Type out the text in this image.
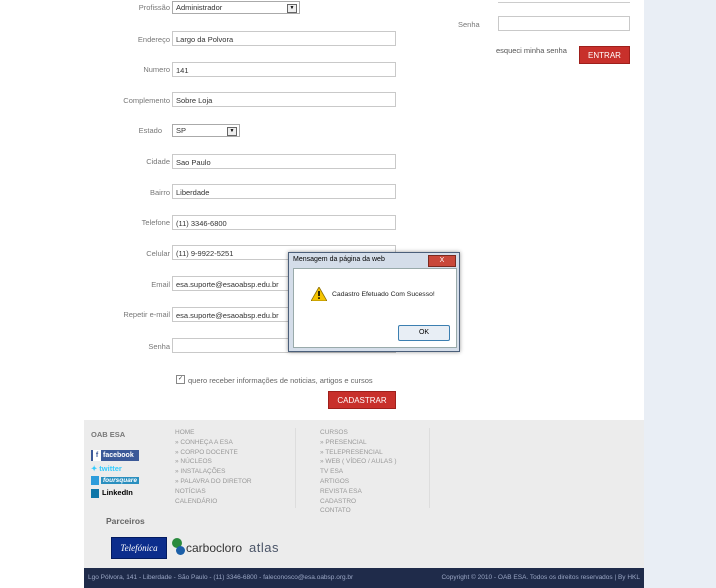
Senha
esqueci minha senha
ENTRAR
Profissão Administrador	▼
Endereço Largo da Polvora
Numero 141
Complemento Sobre Loja
Estado	SP	▼
Cidade Sao Paulo
Bairro Liberdade
Telefone (11) 3346-6800
Celular (11) 9-9922-5251
Email esa.suporte@esaoabsp.edu.br
Repetir e-mail esa.suporte@esaoabsp.edu.br
Senha
✓ quero receber informações de noticias, artigos e cursos
CADASTRAR
OAB ESA	HOME
» CONHEÇA A ESA
» CORPO DOCENTE
» NÚCLEOS
» INSTALAÇÕES
» PALAVRA DO DIRETOR
NOTÍCIAS
CALENDÁRIO
CURSOS
» PRESENCIAL
» TELEPRESENCIAL
» WEB ( VÍDEO / AULAS )
TV ESA
ARTIGOS
REVISTA ESA
CADASTRO
CONTATO
f facebook
✦ twitter
foursquare
LinkedIn
Parceiros
Telefónica	carbocloro atlas
Lgo Pólvora, 141 - Liberdade - São Paulo - (11) 3346-6800 - faleconosco@esa.oabsp.org.br	Copyright © 2010 - OAB ESA. Todos os direitos reservados | By HKL
Mensagem da página da web	X
Cadastro Efetuado Com Sucesso!
OK
